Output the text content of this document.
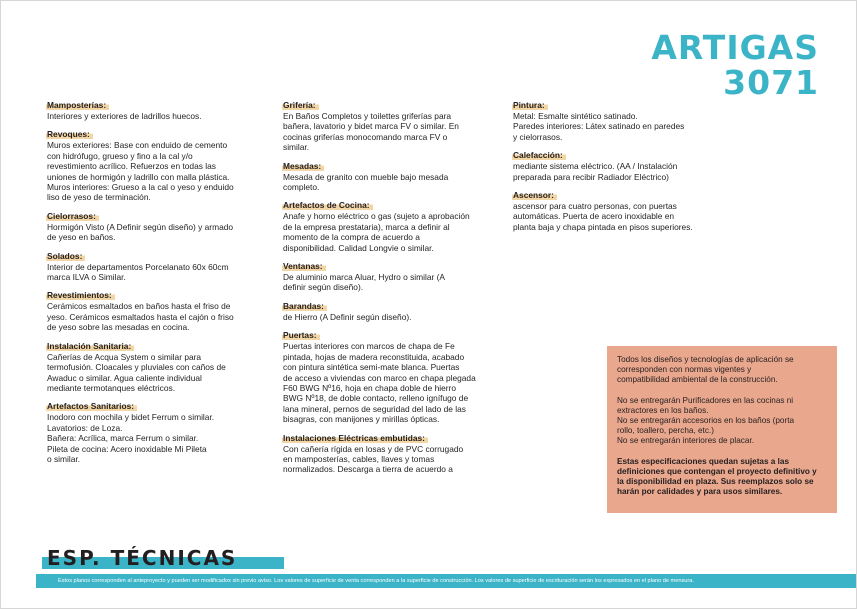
ARTIGAS
3071
Mamposterías:
Interiores y exteriores de ladrillos huecos.
Revoques:
Muros exteriores: Base con enduido de cemento
con hidrófugo, grueso y fino a la cal y/o
revestimiento acrílico. Refuerzos en todas las
uniones de hormigón y ladrillo con malla plástica.
Muros interiores: Grueso a la cal o yeso y enduido
liso de yeso de terminación.
Cielorrasos:
Hormigón Visto (A Definir según diseño) y armado
de yeso en baños.
Solados:
Interior de departamentos Porcelanato 60x 60cm
marca ILVA o Similar.
Revestimientos:
Cerámicos esmaltados en baños hasta el friso de
yeso. Cerámicos esmaltados hasta el cajón o friso
de yeso sobre las mesadas en cocina.
Instalación Sanitaria:
Cañerías de Acqua System o similar para
termofusión. Cloacales y pluviales con caños de
Awaduc o similar. Agua caliente individual
mediante termotanques eléctricos.
Artefactos Sanitarios:
Inodoro con mochila y bidet Ferrum o similar.
Lavatorios: de Loza.
Bañera: Acrílica, marca Ferrum o similar.
Pileta de cocina: Acero inoxidable Mi Pileta
o similar.
Grifería:
En Baños Completos y toilettes griferías para
bañera, lavatorio y bidet marca FV o similar. En
cocinas griferías monocomando marca FV o
similar.
Mesadas:
Mesada de granito con mueble bajo mesada
completo.
Artefactos de Cocina:
Anafe y horno eléctrico o gas (sujeto a aprobación
de la empresa prestataria), marca a definir al
momento de la compra de acuerdo a
disponibilidad. Calidad Longvie o similar.
Ventanas:
De aluminio marca Aluar, Hydro o similar (A
definir según diseño).
Barandas:
de Hierro (A Definir según diseño).
Puertas:
Puertas interiores con marcos de chapa de Fe
pintada, hojas de madera reconstituida, acabado
con pintura sintética semi-mate blanca. Puertas
de acceso a viviendas con marco en chapa plegada
F60 BWG Nº16, hoja en chapa doble de hierro
BWG Nº18, de doble contacto, relleno ignífugo de
lana mineral, pernos de seguridad del lado de las
bisagras, con manijones y mirillas ópticas.
Instalaciones Eléctricas embutidas:
Con cañería rígida en losas y de PVC corrugado
en mamposterías, cables, llaves y tomas
normalizados. Descarga a tierra de acuerdo a
Pintura:
Metal: Esmalte sintético satinado.
Paredes interiores: Látex satinado en paredes
y cielorrasos.
Calefacción:
mediante sistema eléctrico. (AA / Instalación
preparada para recibir Radiador Eléctrico)
Ascensor:
ascensor para cuatro personas, con puertas
automáticas. Puerta de acero inoxidable en
planta baja y chapa pintada en pisos superiores.

Todos los diseños y tecnologías de aplicación se
corresponden con normas vigentes y
compatibilidad ambiental de la construcción.

No se entregarán Purificadores en las cocinas ni
extractores en los baños.
No se entregarán accesorios en los baños (porta
rollo, toallero, percha, etc.)
No se entregarán interiores de placar.

Estas especificaciones quedan sujetas a las
definiciones que contengan el proyecto definitivo y
la disponibilidad en plaza. Sus reemplazos solo se
harán por calidades y para usos similares.

ESP. TÉCNICAS
Estos planos corresponden al anteproyecto y pueden ser modificados sin previo aviso. Los valores de superficie de venta corresponden a la superficie de construcción. Los valores de superficie de escrituración serán los expresados en el plano de mensura.
